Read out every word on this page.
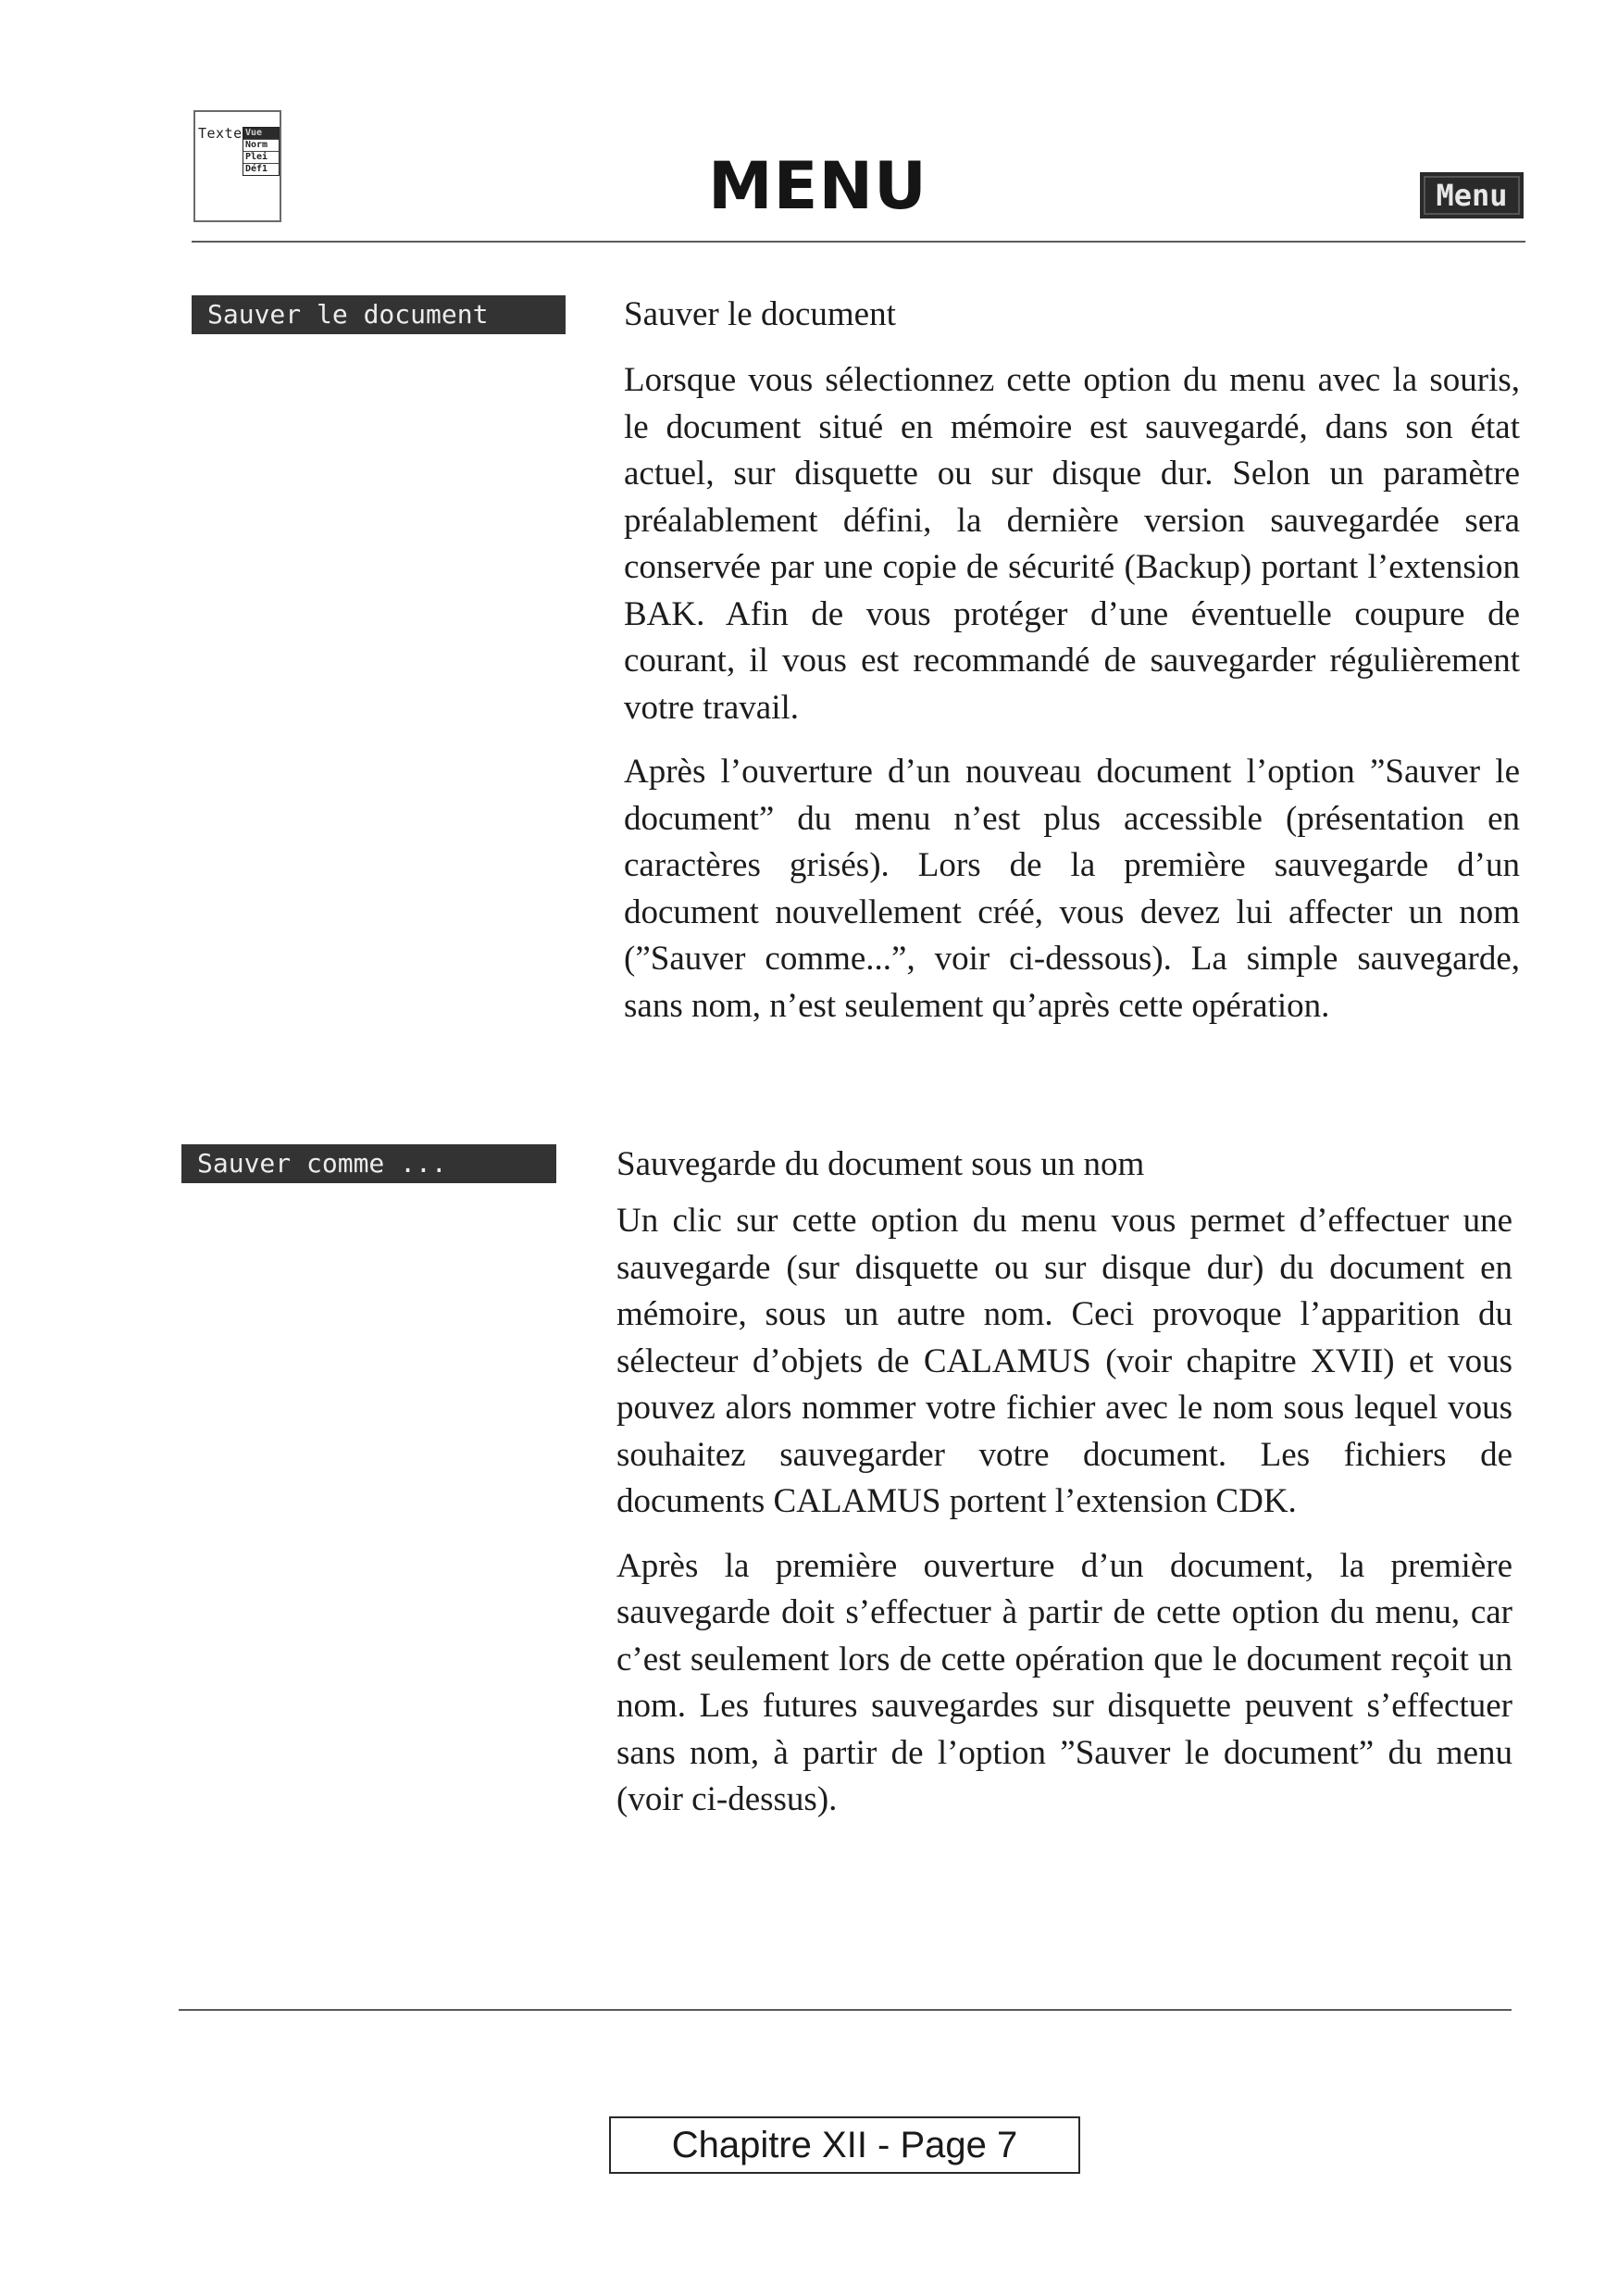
Texte Vue
Norm
Plei
Déf1	MENU	Menu
Sauver le document	Sauver le document

Lorsque vous sélectionnez cette option du menu avec la souris, le document situé en mémoire est sauvegardé, dans son état actuel, sur disquette ou sur disque dur. Selon un paramètre préalablement défini, la dernière version sauvegardée sera conservée par une copie de sécurité (Backup) portant l’extension BAK. Afin de vous protéger d’une éventuelle coupure de courant, il vous est recommandé de sauvegarder régulièrement votre travail.

Après l’ouverture d’un nouveau document l’option ”Sauver le document” du menu n’est plus accessible (présentation en caractères grisés). Lors de la première sauvegarde d’un document nouvellement créé, vous devez lui affecter un nom (”Sauver comme...”, voir ci-dessous). La simple sauvegarde, sans nom, n’est seulement qu’après cette opération.

Sauver comme ...	Sauvegarde du document sous un nom

Un clic sur cette option du menu vous permet d’effectuer une sauvegarde (sur disquette ou sur disque dur) du document en mémoire, sous un autre nom. Ceci provoque l’apparition du sélecteur d’objets de CALAMUS (voir chapitre XVII) et vous pouvez alors nommer votre fichier avec le nom sous lequel vous souhaitez sauvegarder votre document. Les fichiers de documents CALAMUS portent l’extension CDK.

Après la première ouverture d’un document, la première sauvegarde doit s’effectuer à partir de cette option du menu, car c’est seulement lors de cette opération que le document reçoit un nom. Les futures sauvegardes sur disquette peuvent s’effectuer sans nom, à partir de l’option ”Sauver le document” du menu (voir ci-dessus).

Chapitre XII - Page 7
